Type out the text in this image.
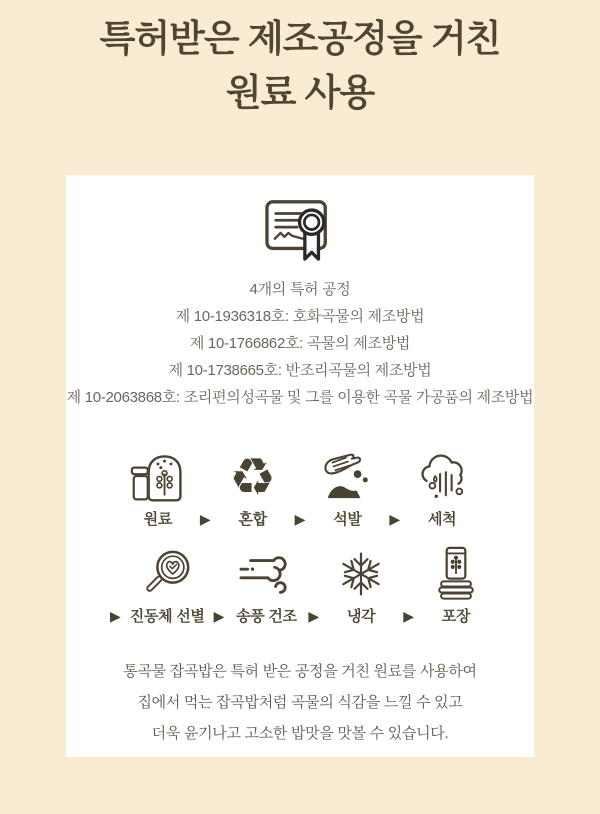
특허받은 제조공정을 거친
원료 사용

4개의 특허 공정

제 10-1936318호: 호화곡물의 제조방법

제 10-1766862호: 곡물의 제조방법

제 10-1738665호: 반조리곡물의 제조방법

제 10-2063868호: 조리편의성곡물 및 그를 이용한 곡물 가공품의 제조방법

원료 ▶
♻
혼합 ▶ 석발 ▶ 세척
▶ 진동체 선별 ▶ 송풍 건조 ▶ 냉각 ▶ 포장

통곡물 잡곡밥은 특허 받은 공정을 거친 원료를 사용하여

집에서 먹는 잡곡밥처럼 곡물의 식감을 느낄 수 있고

더욱 윤기나고 고소한 밥맛을 맛볼 수 있습니다.
